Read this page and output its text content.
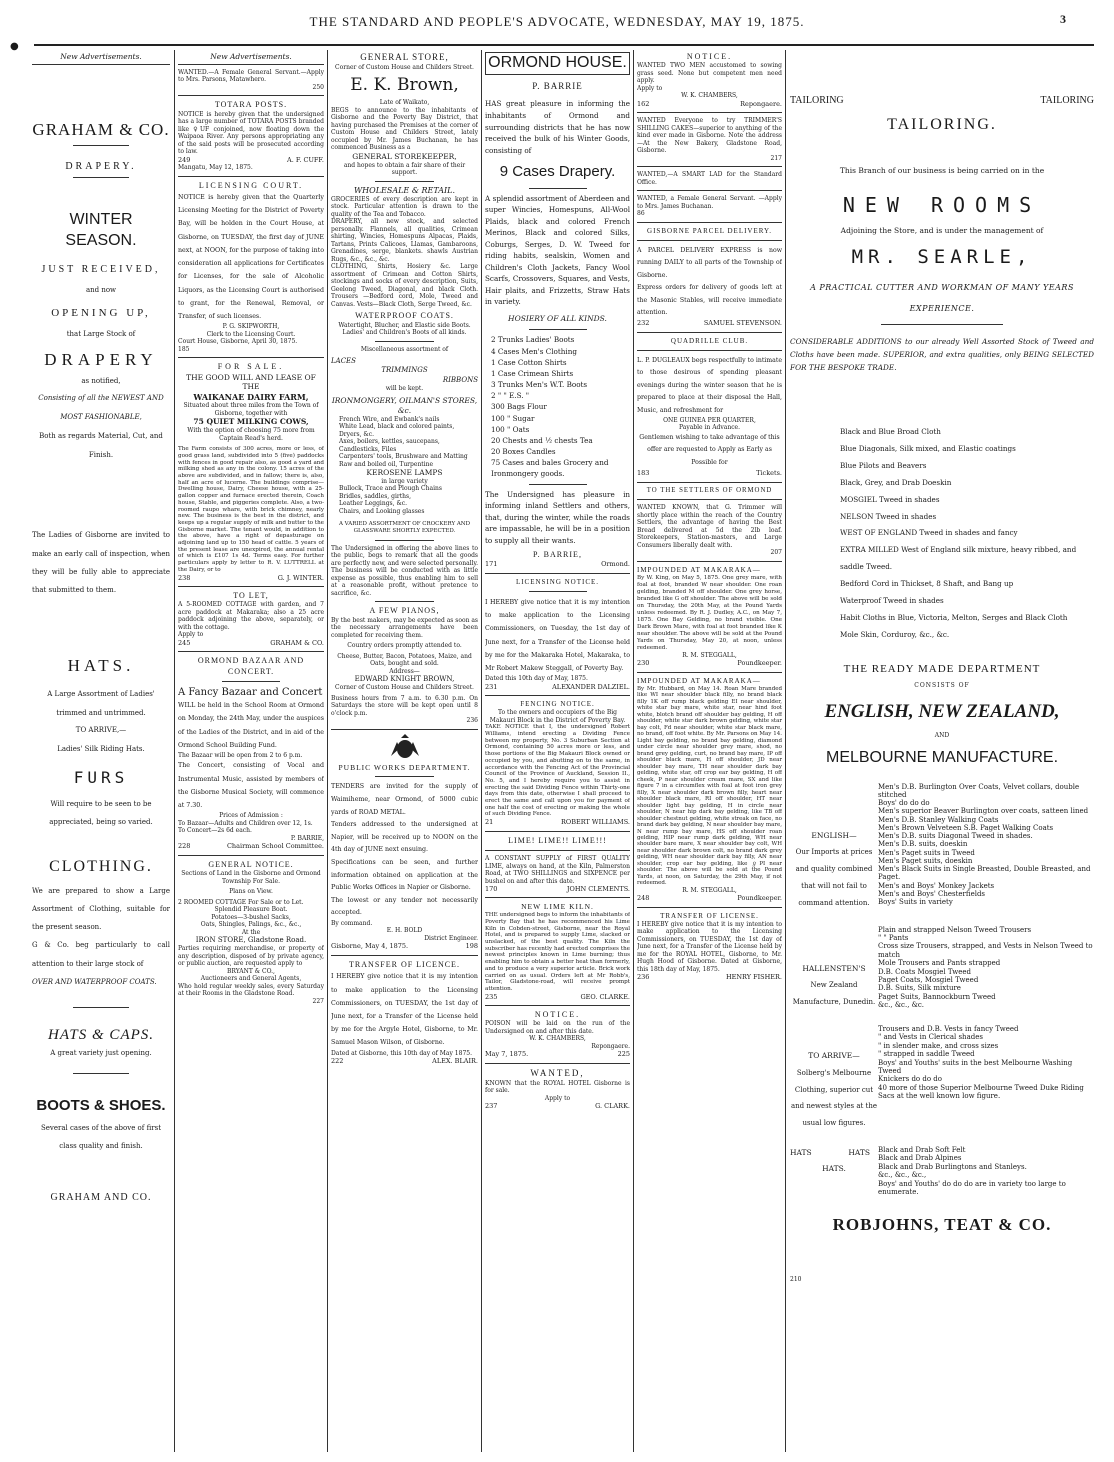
THE STANDARD AND PEOPLE'S ADVOCATE, WEDNESDAY, MAY 19, 1875.	3
●
New Advertisements.
GRAHAM & CO.
DRAPERY.
WINTER SEASON.
JUST RECEIVED,
and now
OPENING UP,
that Large Stock of
DRAPERY
as notified,
Consisting of all the NEWEST AND
MOST FASHIONABLE,
Both as regards Material, Cut, and
Finish.
The Ladies of Gisborne are invited to make an early call of inspection, when they will be fully able to appreciate that submitted to them.
HATS.
A Large Assortment of Ladies' trimmed and untrimmed.
TO ARRIVE,—
Ladies' Silk Riding Hats.
FURS
Will require to be seen to be appreciated, being so varied.
CLOTHING.
We are prepared to show a Large Assortment of Clothing, suitable for the present season.
G & Co. beg particularly to call attention to their large stock of
OVER AND WATERPROOF COATS.
HATS & CAPS.
A great variety just opening.
BOOTS & SHOES.
Several cases of the above of first class quality and finish.
GRAHAM AND CO.
New Advertisements.
WANTED.—A Female General Servant.—Apply to Mrs. Parsons, Matawhero.
250
TOTARA POSTS.
NOTICE is hereby given that the undersigned has a large number of TOTARA POSTS branded like ♀UF conjoined, now floating down the Waipaoa River. Any persons appropriating any of the said posts will be prosecuted according to law.
249	A. F. CUFF.
Mangatu, May 12, 1875.
LICENSING COURT.
NOTICE is hereby given that the Quarterly Licensing Meeting for the District of Poverty Bay, will be holden in the Court House, at Gisborne, on TUESDAY, the first day of JUNE next, at NOON, for the purpose of taking into consideration all applications for Certificates for Licenses, for the sale of Alcoholic Liquors, as the Licensing Court is authorised to grant, for the Renewal, Removal, or Transfer, of such licenses.
P. G. SKIPWORTH,
Clerk to the Licensing Court.
Court House, Gisborne, April 30, 1875.
185
FOR SALE.
THE GOOD WILL AND LEASE OF THE
WAIKANAE DAIRY FARM,
Situated about three miles from the Town of Gisborne, together with
75 QUIET MILKING COWS,
With the option of choosing 75 more from Captain Read's herd.
The Farm consists of 300 acres, more or less, of good grass land, subdivided into 5 (five) paddocks with fences in good repair also, as good a yard and milking shed as any in the colony. 15 acres of the above are subdivided, and in fallow; there is, also, half an acre of lucerne. The buildings comprise—Dwelling house, Dairy, Cheese house, with a 25-gallon copper and furnace erected therein, Coach house, Stable, and piggeries complete. Also, a two-roomed raupo whare, with brick chimney, nearly new. The business is the best in the district, and keeps up a regular supply of milk and butter to the Gisborne market. The tenant would, in addition to the above, have a right of depasturage on adjoining land up to 150 head of cattle. 5 years of the present lease are unexpired, the annual rental of which is £107 1s 4d. Terms easy. For further particulars apply by letter to R. V. LUTTRELL at the Dairy, or to
238	G. J. WINTER.
TO LET,
A 5-ROOMED COTTAGE with garden, and 7 acre paddock at Makaraka; also a 25 acre paddock adjoining the above, separately, or with the cottage.
Apply to
245	GRAHAM & CO.
ORMOND BAZAAR AND CONCERT.
A Fancy Bazaar and Concert
WILL be held in the School Room at Ormond on Monday, the 24th May, under the auspices of the Ladies of the District, and in aid of the Ormond School Building Fund.
The Bazaar will be open from 2 to 6 p.m.
The Concert, consisting of Vocal and Instrumental Music, assisted by members of the Gisborne Musical Society, will commence at 7.30.
Prices of Admission :
To Bazaar—Adults and Children over 12, 1s.
To Concert—2s 6d each.
P. BARRIE,
228	Chairman School Committee.
GENERAL NOTICE.
Sections of Land in the Gisborne and Ormond Township For Sale.
Plans on View.
2 ROOMED COTTAGE For Sale or to Let.
Splendid Pleasure Boat.
Potatoes—3-bushel Sacks,
Oats, Shingles, Palings, &c., &c.,
At the
IRON STORE, Gladstone Road.
Parties requiring merchandise, or property of any description, disposed of by private agency, or public auction, are requested apply to
BRYANT & CO.,
Auctioneers and General Agents,
Who hold regular weekly sales, every Saturday at their Rooms in the Gladstone Road.
227
GENERAL STORE,
Corner of Custom House and Childers Street.
E. K. Brown,
Late of Waikato,
BEGS to announce to the inhabitants of Gisborne and the Poverty Bay District, that having purchased the Premises at the corner of Custom House and Childers Street, lately occupied by Mr. James Buchanan, he has commenced Business as a
GENERAL STOREKEEPER,
and hopes to obtain a fair share of their support.
WHOLESALE & RETAIL.
GROCERIES of every description are kept in stock. Particular attention is drawn to the quality of the Tea and Tobacco.
DRAPERY, all new stock, and selected personally. Flannels, all qualities, Crimean shirting, Wincies, Homespuns Alpacas, Plaids, Tartans, Prints Calicoes, Llamas, Gambaroons, Grenadines, serge, blankets. shawls Austrian Rugs, &c., &c., &c.
CLOTHING, Shirts, Hosiery &c. Large assortment of Crimean and Cotton Shirts, stockings and socks of every description, Suits, Geelong Tweed, Diagonal, and black Cloth. Trousers —Bedford cord, Mole, Tweed and Canvas. Vests—Black Cloth, Serge Tweed, &c.
WATERPROOF COATS.
Watertight, Blucher, and Elastic side Boots. Ladies' and Children's Boots of all kinds.
Miscellaneous assortment of
LACES
TRIMMINGS
RIBBONS
will be kept.
IRONMONGERY, OILMAN'S STORES, &c.
French Wire, and Ewbank's nails
White Lead, black and colored paints, Dryers, &c.
Axes, boilers, kettles, saucepans,
Candlesticks, Files
Carpenters' tools, Brushware and Matting
Raw and boiled oil, Turpentine
KEROSENE LAMPS
in large variety
Bullock, Trace and Plough Chains
Bridles, saddles, girths,
Leather Leggings, &c.
Chairs, and Looking glasses
A VARIED ASSORTMENT OF CROCKERY AND GLASSWARE SHORTLY EXPECTED.
The Undersigned in offering the above lines to the public, begs to remark that all the goods are perfectly new, and were selected personally. The business will be conducted with as little expense as possible, thus enabling him to sell at a reasonable profit, without pretence to sacrifice, &c.
A FEW PIANOS,
By the best makers, may be expected as soon as the necessary arrangements have been completed for receiving them.
Country orders promptly attended to.
Cheese, Butter, Bacon, Potatoes, Maize, and Oats, bought and sold.
Address—
EDWARD KNIGHT BROWN,
Corner of Custom House and Childers Street.
Business hours from 7 a.m. to 6.30 p.m. On Saturdays the store will be kept open until 8 o'clock p.m.
236
PUBLIC WORKS DEPARTMENT.
TENDERS are invited for the supply of Waimiheme, near Ormond, of 5000 cubic yards of ROAD METAL.
Tenders addressed to the undersigned at Napier, will be received up to NOON on the 4th day of JUNE next ensuing.
Specifications can be seen, and further information obtained on application at the Public Works Offices in Napier or Gisborne.
The lowest or any tender not necessarily accepted.
By command.
E. H. BOLD
District Engineer.
Gisborne, May 4, 1875.	198
TRANSFER OF LICENCE.
I HEREBY give notice that it is my intention to make application to the Licensing Commissioners, on TUESDAY, the 1st day of June next, for a Transfer of the License held by me for the Argyle Hotel, Gisborne, to Mr. Samuel Mason Wilson, of Gisborne.
Dated at Gisborne, this 10th day of May 1875.
222	ALEX. BLAIR.
ORMOND HOUSE.
P. BARRIE
HAS great pleasure in informing the inhabitants of Ormond and surrounding districts that he has now received the bulk of his Winter Goods, consisting of
9 Cases Drapery.
A splendid assortment of Aberdeen and super Wincies, Homespuns, All-Wool Plaids, black and colored French Merinos, Black and colored Silks, Coburgs, Serges, D. W. Tweed for riding habits, sealskin, Women and Children's Cloth Jackets, Fancy Wool Scarfs, Crossovers, Squares, and Vests, Hair plaits, and Frizzetts, Straw Hats in variety.
HOSIERY OF ALL KINDS.
2 Trunks Ladies' Boots
4 Cases Men's Clothing
1 Case Cotton Shirts
1 Case Crimean Shirts
3 Trunks Men's W.T. Boots
2 " " E.S. "
300 Bags Flour
100 " Sugar
100 " Oats
20 Chests and ½ chests Tea
20 Boxes Candles
75 Cases and bales Grocery and Ironmongery goods.
The Undersigned has pleasure in informing inland Settlers and others, that, during the winter, while the roads are impassable, he will be in a position to supply all their wants.
P. BARRIE,
171	Ormond.
LICENSING NOTICE.
I HEREBY give notice that it is my intention to make application to the Licensing Commissioners, on Tuesday, the 1st day of June next, for a Transfer of the License held by me for the Makaraka Hotel, Makaraka, to Mr Robert Makew Steggall, of Poverty Bay.
Dated this 10th day of May, 1875.
231	ALEXANDER DALZIEL.
FENCING NOTICE.
To the owners and occupiers of the Big Makauri Block in the District of Poverty Bay.
TAKE NOTICE that I, the undersigned Robert Williams, intend erecting a Dividing Fence between my property, No. 3 Suburban Section at Ormond, containing 50 acres more or less, and those portions of the Big Makauri Block owned or occupied by you, and abutting on to the same, in accordance with the Fencing Act of the Provincial Council of the Province of Auckland, Session II., No. 5, and I hereby require you to assist in erecting the said Dividing Fence within Thirty-one days from this date, otherwise I shall proceed to erect the same and call upon you for payment of one half the cost of erecting or making the whole of such Dividing Fence.
21	ROBERT WILLIAMS.
LIME! LIME!! LIME!!!
A CONSTANT SUPPLY of FIRST QUALITY LIME, always on hand, at the Kiln, Palmerston Road, at TWO SHILLINGS and SIXPENCE per bushel on and after this date.
170	JOHN CLEMENTS.
NEW LIME KILN.
THE undersigned begs to inform the inhabitants of Poverty Bay that he has recommenced his Lime Kiln in Cobden-street, Gisborne, near the Royal Hotel, and is prepared to supply Lime, slacked or unslacked, of the best quality. The Kiln the subscriber has recently had erected comprises the newest principles known in Lime burning; thus enabling him to obtain a better heat than formerly, and to produce a very superior article. Brick work carried on as usual. Orders left at Mr Robb's, Tailor, Gladstone-road, will receive prompt attention.
235	GEO. CLARKE.
NOTICE.
POISON will be laid on the run of the Undersigned on and after this date.
W. K. CHAMBERS,
Repongaere.
May 7, 1875.	225
WANTED,
KNOWN that the ROYAL HOTEL Gisborne is for sale.
Apply to
237	G. CLARK.
NOTICE.
WANTED TWO MEN accustomed to sowing grass seed. None but competent men need apply.
Apply to
W. K. CHAMBERS,
162	Repongaere.
WANTED Everyone to try TRIMMER'S SHILLING CAKES—superior to anything of the kind ever made in Gisborne. Note the address—At the New Bakery, Gladstone Road, Gisborne.
217
WANTED,—A SMART LAD for the Standard Office.
WANTED, a Female General Servant. —Apply to Mrs. James Buchanan.
86
GISBORNE PARCEL DELIVERY.
A PARCEL DELIVERY EXPRESS is now running DAILY to all parts of the Township of Gisborne.
Express orders for delivery of goods left at the Masonic Stables, will receive immediate attention.
232	SAMUEL STEVENSON.
QUADRILLE CLUB.
L. P. DUGLEAUX begs respectfully to intimate to those desirous of spending pleasant evenings during the winter season that he is prepared to place at their disposal the Hall, Music, and refreshment for
ONE GUINEA PER QUARTER,
Payable in Advance.
Gentlemen wishing to take advantage of this offer are requested to Apply as Early as Possible for
183	Tickets.
TO THE SETTLERS OF ORMOND
WANTED KNOWN, that G. Trimmer will shortly place within the reach of the Country Settlers, the advantage of having the Best Bread delivered at 5d the 2lb loaf. Storekeepers, Station-masters, and Large Consumers liberally dealt with.
207
IMPOUNDED AT MAKARAKA—
By W. King, on May 5, 1875. One grey mare, with foal at foot, branded W near shoulder. One roan gelding, branded M off shoulder. One grey horse, branded like G off shoulder. The above will be sold on Thursday, the 20th May, at the Pound Yards unless redeemed. By R. J. Dudley, A.C., on May 7, 1875. One Bay Gelding, no brand visible. One Dark Brown Mare, with foal at foot branded like K near shoulder. The above will be sold at the Pound Yards on Thursday, May 20, at noon, unless redeemed.
R. M. STEGGALL,
230	Poundkeeper.
IMPOUNDED AT MAKARAKA—
By Mr. Hubbard, on May 14. Roan Mare branded like WI near shoulder black filly, no brand black filly 1K off rump black gelding EI near shoulder, white star bay mare, white star, near hind foot white, blotch brand off shoulder bay gelding, H off shoulder, white star dark brown gelding, white star bay colt, Fd near shoulder, white star black mare, no brand, off foot white. By Mr. Parsons on May 14. Light bay gelding, no brand bay gelding, diamond under circle near shoulder grey mare, shod, no brand grey gelding, curt, no brand bay mare, IP off shoulder black mare, H off shoulder, JD near shoulder bay mare, TH near shoulder dark bay gelding, white star, off crop ear bay gelding, H off cheek, P near shoulder cream mare, SX and like figure 7 in a circumflex with foal at foot iron grey filly, X near shoulder dark brown filly, heart near shoulder black mare, RI off shoulder, HT near shoulder light bay gelding, H in circle near shoulder, N near hip dark bay gelding, like TB off shoulder chestnut gelding, white streak on face, no brand dark bay gelding, N near shoulder bay mare, N near rump bay mare, HS off shoulder roan gelding, HIP near rump dark gelding, WH near shoulder bare mare, X near shoulder bay colt, WH near shoulder dark brown colt, no brand dark grey gelding, WH near shoulder dark bay filly, AN near shoulder, crop ear bay gelding, like ℊPI near shoulder. The above will be sold at the Pound Yards, at noon, on Saturday, the 29th May, if not redeemed.
R. M. STEGGALL,
248	Poundkeeper.
TRANSFER OF LICENSE.
I HEREBY give notice that it is my intention to make application to the Licensing Commissioners, on TUESDAY, the 1st day of June next, for a Transfer of the License held by me for the ROYAL HOTEL, Gisborne, to Mr. Hugh Hood of Gisborne. Dated at Gisborne, this 18th day of May, 1875.
236	HENRY FISHER.
TAILORING	TAILORING
TAILORING.
This Branch of our business is being carried on in the
NEW ROOMS
Adjoining the Store, and is under the management of
MR. SEARLE,
A PRACTICAL CUTTER AND WORKMAN OF MANY YEARS EXPERIENCE.
CONSIDERABLE ADDITIONS to our already Well Assorted Stock of Tweed and Cloths have been made. SUPERIOR, and extra qualities, only BEING SELECTED FOR THE BESPOKE TRADE.
Black and Blue Broad Cloth
Blue Diagonals, Silk mixed, and Elastic coatings
Blue Pilots and Beavers
Black, Grey, and Drab Doeskin
MOSGIEL Tweed in shades
NELSON Tweed in shades
WEST OF ENGLAND Tweed in shades and fancy
EXTRA MILLED West of England silk mixture, heavy ribbed, and saddle Tweed.
Bedford Cord in Thickset, 8 Shaft, and Bang up
Waterproof Tweed in shades
Habit Cloths in Blue, Victoria, Melton, Serges and Black Cloth
Mole Skin, Corduroy, &c., &c.
THE READY MADE DEPARTMENT
CONSISTS OF
ENGLISH, NEW ZEALAND,
AND
MELBOURNE MANUFACTURE.
ENGLISH—
Our Imports at prices and quality combined that will not fail to command attention.
Men's D.B. Burlington Over Coats, Velvet collars, double stitched
Boys' do do do
Men's superior Beaver Burlington over coats, satteen lined
Men's D.B. Stanley Walking Coats
Men's Brown Velveteen S.B. Paget Walking Coats
Men's D.B. suits Diagonal Tweed in shades.
Men's D.B. suits, doeskin
Men's Paget suits in Tweed
Men's Paget suits, doeskin
Men's Black Suits in Single Breasted, Double Breasted, and Paget.
Men's and Boys' Monkey Jackets
Men's and Boys' Chesterfields
Boys' Suits in variety
HALLENSTEN'S
New Zealand Manufacture, Dunedin.
Plain and strapped Nelson Tweed Trousers
" " Pants
Cross size Trousers, strapped, and Vests in Nelson Tweed to match
Mole Trousers and Pants strapped
D.B. Coats Mosgiel Tweed
Paget Coats, Mosgiel Tweed
D.B. Suits, Silk mixture
Paget Suits, Bannockburn Tweed
&c., &c., &c.
TO ARRIVE—
Solberg's Melbourne Clothing, superior cut and newest styles at the usual low figures.
Trousers and D.B. Vests in fancy Tweed
" and Vests in Clerical shades
" in slender make, and cross sizes
" strapped in saddle Tweed
Boys' and Youths' suits in the best Melbourne Washing Tweed
Knickers do do do
40 more of those Superior Melbourne Tweed Duke Riding Sacs at the well known low figure.
HATS	HATS
HATS.
Black and Drab Soft Felt
Black and Drab Alpines
Black and Drab Burlingtons and Stanleys.
&c., &c., &c.,
Boys' and Youths' do do do are in variety too large to enumerate.
ROBJOHNS, TEAT & CO.
210
